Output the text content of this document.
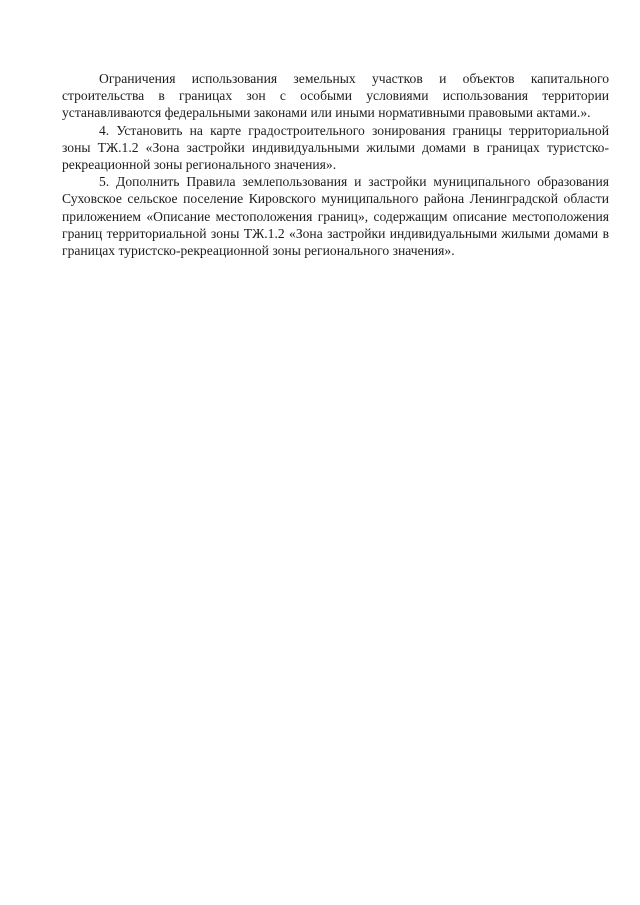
Ограничения использования земельных участков и объектов капитального строительства в границах зон с особыми условиями использования территории устанавливаются федеральными законами или иными нормативными правовыми актами.».

4. Установить на карте градостроительного зонирования границы территориальной зоны ТЖ.1.2 «Зона застройки индивидуальными жилыми домами в границах туристско-рекреационной зоны регионального значения».

5. Дополнить Правила землепользования и застройки муниципального образования Суховское сельское поселение Кировского муниципального района Ленинградской области приложением «Описание местоположения границ», содержащим описание местоположения границ территориальной зоны ТЖ.1.2 «Зона застройки индивидуальными жилыми домами в границах туристско-рекреационной зоны регионального значения».
